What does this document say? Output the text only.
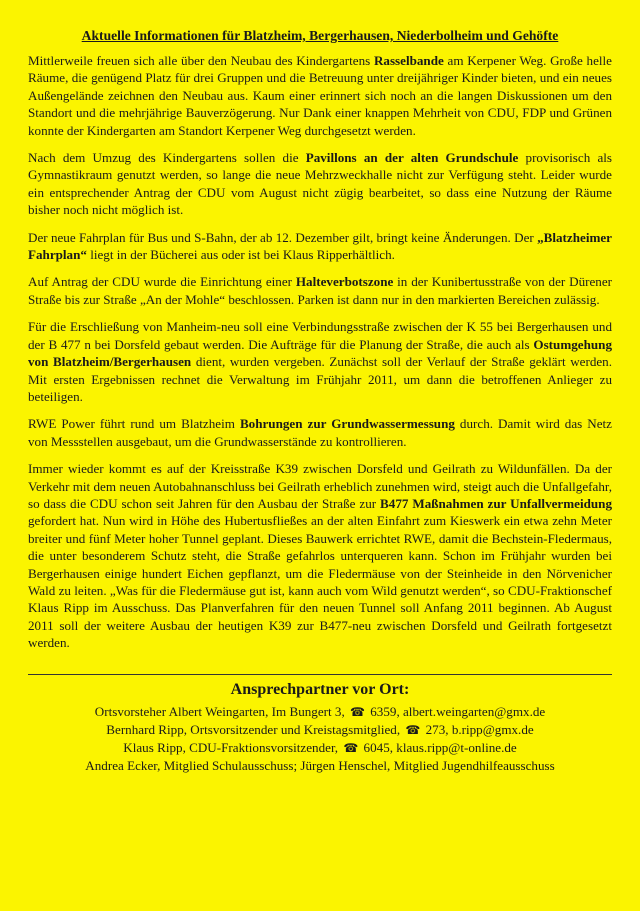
Aktuelle Informationen für Blatzheim, Bergerhausen, Niederbolheim und Gehöfte

Mittlerweile freuen sich alle über den Neubau des Kindergartens Rasselbande am Kerpener Weg. Große helle Räume, die genügend Platz für drei Gruppen und die Betreuung unter dreijähriger Kinder bieten, und ein neues Außengelände zeichnen den Neubau aus. Kaum einer erinnert sich noch an die langen Diskussionen um den Standort und die mehrjährige Bauverzögerung. Nur Dank einer knappen Mehrheit von CDU, FDP und Grünen konnte der Kindergarten am Standort Kerpener Weg durchgesetzt werden.

Nach dem Umzug des Kindergartens sollen die Pavillons an der alten Grundschule provisorisch als Gymnastikraum genutzt werden, so lange die neue Mehrzweckhalle nicht zur Verfügung steht. Leider wurde ein entsprechender Antrag der CDU vom August nicht zügig bearbeitet, so dass eine Nutzung der Räume bisher noch nicht möglich ist.

Der neue Fahrplan für Bus und S-Bahn, der ab 12. Dezember gilt, bringt keine Änderungen. Der „Blatzheimer Fahrplan“ liegt in der Bücherei aus oder ist bei Klaus Ripperhältlich.

Auf Antrag der CDU wurde die Einrichtung einer Halteverbotszone in der Kunibertusstraße von der Dürener Straße bis zur Straße „An der Mohle“ beschlossen. Parken ist dann nur in den markierten Bereichen zulässig.

Für die Erschließung von Manheim-neu soll eine Verbindungsstraße zwischen der K 55 bei Bergerhausen und der B 477 n bei Dorsfeld gebaut werden. Die Aufträge für die Planung der Straße, die auch als Ostumgehung von Blatzheim/Bergerhausen dient, wurden vergeben. Zunächst soll der Verlauf der Straße geklärt werden. Mit ersten Ergebnissen rechnet die Verwaltung im Frühjahr 2011, um dann die betroffenen Anlieger zu beteiligen.

RWE Power führt rund um Blatzheim Bohrungen zur Grundwassermessung durch. Damit wird das Netz von Messstellen ausgebaut, um die Grundwasserstände zu kontrollieren.

Immer wieder kommt es auf der Kreisstraße K39 zwischen Dorsfeld und Geilrath zu Wildunfällen. Da der Verkehr mit dem neuen Autobahnanschluss bei Geilrath erheblich zunehmen wird, steigt auch die Unfallgefahr, so dass die CDU schon seit Jahren für den Ausbau der Straße zur B477 Maßnahmen zur Unfallvermeidung gefordert hat. Nun wird in Höhe des Hubertusfließes an der alten Einfahrt zum Kieswerk ein etwa zehn Meter breiter und fünf Meter hoher Tunnel geplant. Dieses Bauwerk errichtet RWE, damit die Bechstein-Fledermaus, die unter besonderem Schutz steht, die Straße gefahrlos unterqueren kann. Schon im Frühjahr wurden bei Bergerhausen einige hundert Eichen gepflanzt, um die Fledermäuse von der Steinheide in den Nörvenicher Wald zu leiten. „Was für die Fledermäuse gut ist, kann auch vom Wild genutzt werden“, so CDU-Fraktionschef Klaus Ripp im Ausschuss. Das Planverfahren für den neuen Tunnel soll Anfang 2011 beginnen. Ab August 2011 soll der weitere Ausbau der heutigen K39 zur B477-neu zwischen Dorsfeld und Geilrath fortgesetzt werden.

Ansprechpartner vor Ort:
Ortsvorsteher Albert Weingarten, Im Bungert 3, ☎ 6359, albert.weingarten@gmx.de
Bernhard Ripp, Ortsvorsitzender und Kreistagsmitglied, ☎ 273, b.ripp@gmx.de
Klaus Ripp, CDU-Fraktionsvorsitzender, ☎ 6045, klaus.ripp@t-online.de
Andrea Ecker, Mitglied Schulausschuss; Jürgen Henschel, Mitglied Jugendhilfeausschuss
